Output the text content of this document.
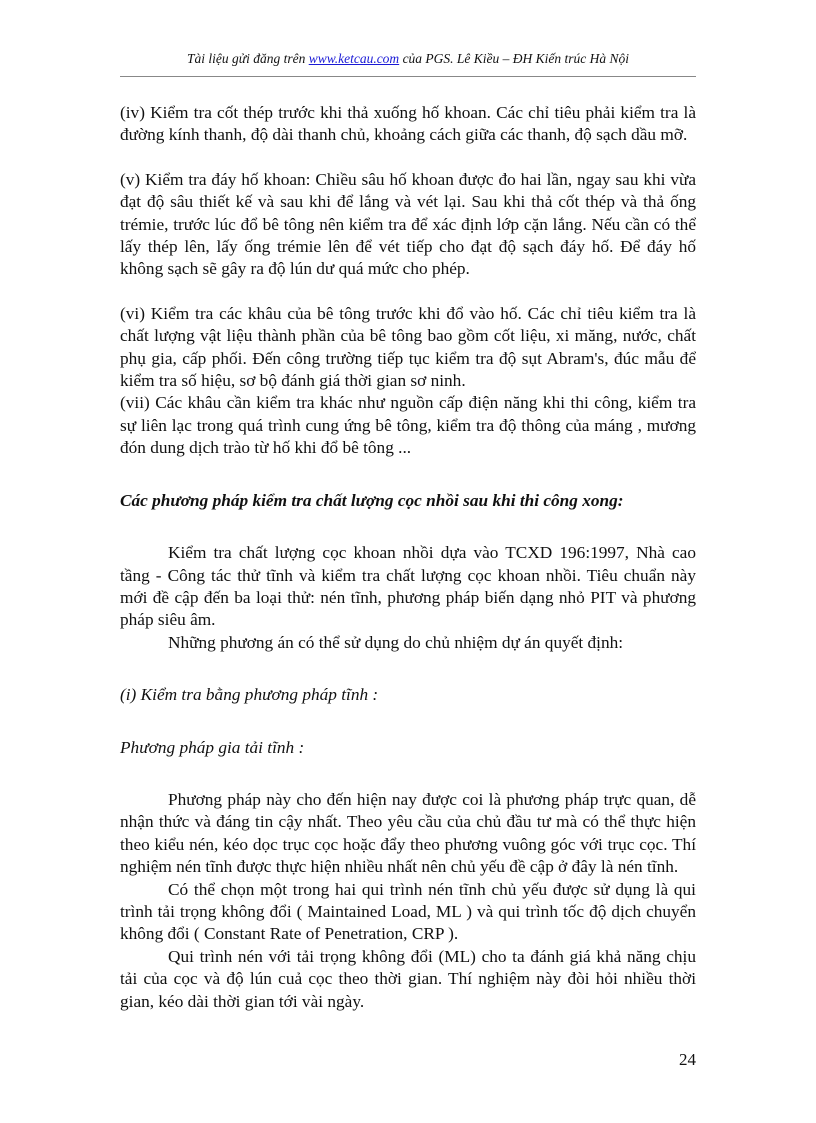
Tài liệu gửi đăng trên www.ketcau.com của PGS. Lê Kiều – ĐH Kiến trúc Hà Nội

(iv) Kiểm tra cốt thép trước khi thả xuống hố khoan. Các chỉ tiêu phải kiểm tra là đường kính thanh, độ dài thanh chủ, khoảng cách giữa các thanh, độ sạch dầu mỡ.

(v) Kiểm tra đáy hố khoan: Chiều sâu hố khoan được đo hai lần, ngay sau khi vừa đạt độ sâu thiết kế và sau khi để lắng và vét lại. Sau khi thả cốt thép và thả ống trémie, trước lúc đổ bê tông nên kiểm tra để xác định lớp cặn lắng. Nếu cần có thể lấy thép lên, lấy ống trémie lên để vét tiếp cho đạt độ sạch đáy hố. Để đáy hố không sạch sẽ gây ra độ lún dư quá mức cho phép.

(vi) Kiểm tra các khâu của bê tông trước khi đổ vào hố. Các chỉ tiêu kiểm tra là chất lượng vật liệu thành phần của bê tông bao gồm cốt liệu, xi măng, nước, chất phụ gia, cấp phối. Đến công trường tiếp tục kiểm tra độ sụt Abram's, đúc mẫu để kiểm tra số hiệu, sơ bộ đánh giá thời gian sơ ninh.

(vii) Các khâu cần kiểm tra khác như nguồn cấp điện năng khi thi công, kiểm tra sự liên lạc trong quá trình cung ứng bê tông, kiểm tra độ thông của máng , mương đón dung dịch trào từ hố khi đổ bê tông ...

Các phương pháp kiểm tra chất lượng cọc nhồi sau khi thi công xong:

Kiểm tra chất lượng cọc khoan nhồi dựa vào TCXD 196:1997, Nhà cao tầng - Công tác thử tĩnh và kiểm tra chất lượng cọc khoan nhồi. Tiêu chuẩn này mới đề cập đến ba loại thử: nén tĩnh, phương pháp biến dạng nhỏ PIT và phương pháp siêu âm.

Những phương án có thể sử dụng do chủ nhiệm dự án quyết định:

(i) Kiểm tra bằng phương pháp tĩnh :

Phương pháp gia tải tĩnh :

Phương pháp này cho đến hiện nay được coi là phương pháp trực quan, dễ nhận thức và đáng tin cậy nhất. Theo yêu cầu của chủ đầu tư mà có thể thực hiện theo kiểu nén, kéo dọc trục cọc hoặc đẩy theo phương vuông góc với trục cọc. Thí nghiệm nén tĩnh được thực hiện nhiều nhất nên chủ yếu đề cập ở đây là nén tĩnh.

Có thể chọn một trong hai qui trình nén tĩnh chủ yếu được sử dụng là qui trình tải trọng không đổi ( Maintained Load, ML ) và qui trình tốc độ dịch chuyển không đổi ( Constant Rate of Penetration, CRP ).

Qui trình nén với tải trọng không đổi (ML) cho ta đánh giá khả năng chịu tải của cọc và độ lún cuả cọc theo thời gian. Thí nghiệm này đòi hỏi nhiều thời gian, kéo dài thời gian tới vài ngày.

24
